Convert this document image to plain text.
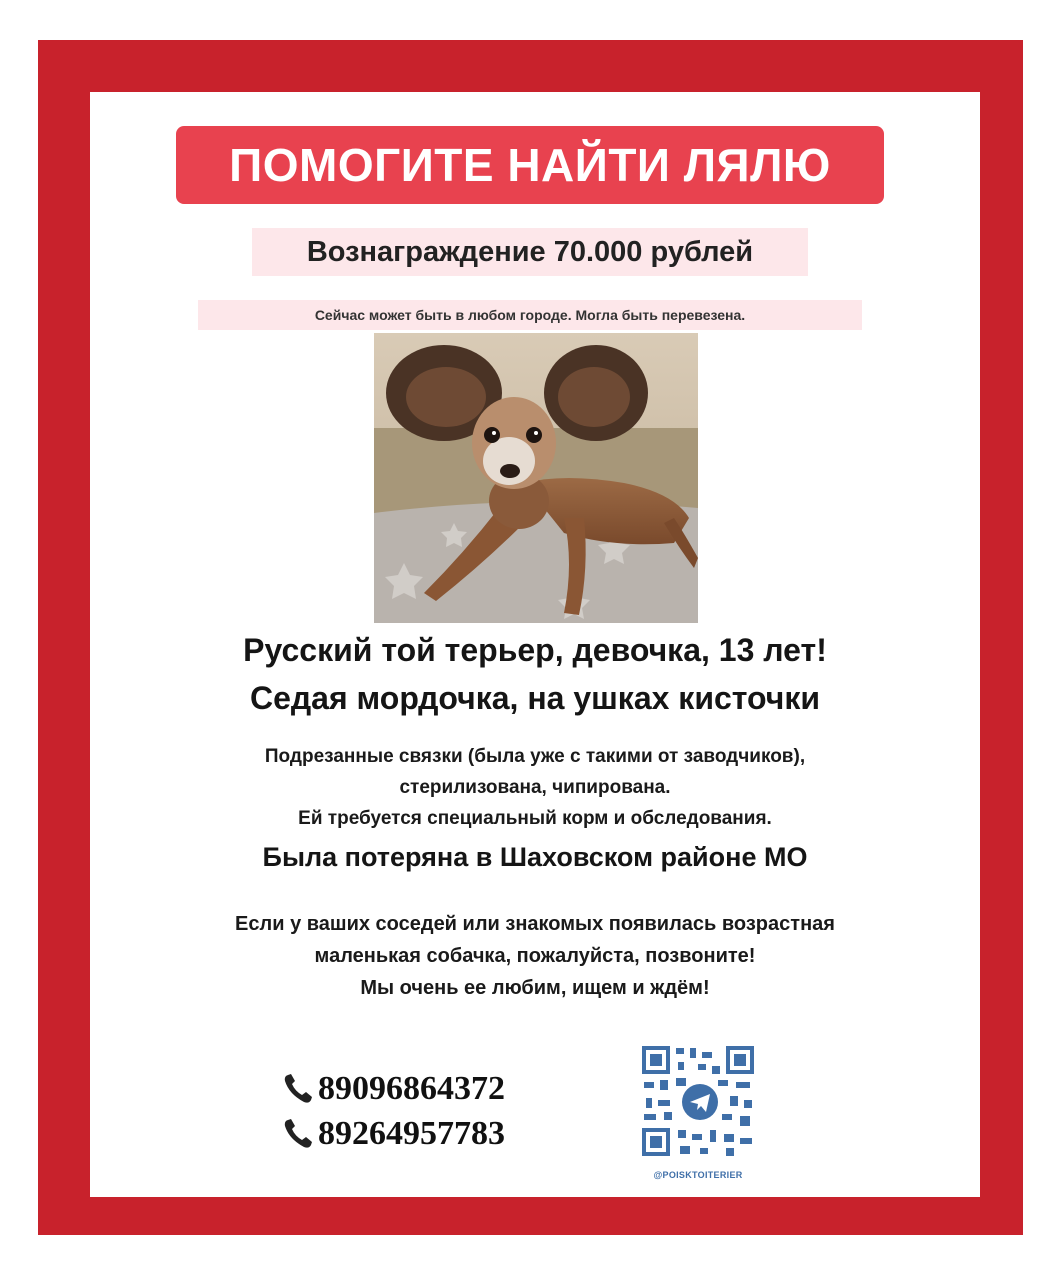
ПОМОГИТЕ НАЙТИ ЛЯЛЮ
Вознаграждение 70.000 рублей
Сейчас может быть в любом городе. Могла быть перевезена.
Русский той терьер, девочка, 13 лет!
Седая мордочка, на ушках кисточки
Подрезанные связки (была уже с такими от заводчиков),
стерилизована, чипирована.
Ей требуется специальный корм и обследования.
Была потеряна в Шаховском районе МО
Если у ваших соседей или знакомых появилась возрастная
маленькая собачка, пожалуйста, позвоните!
Мы очень ее любим, ищем и ждём!
89096864372
89264957783
@POISKTOITERIER
